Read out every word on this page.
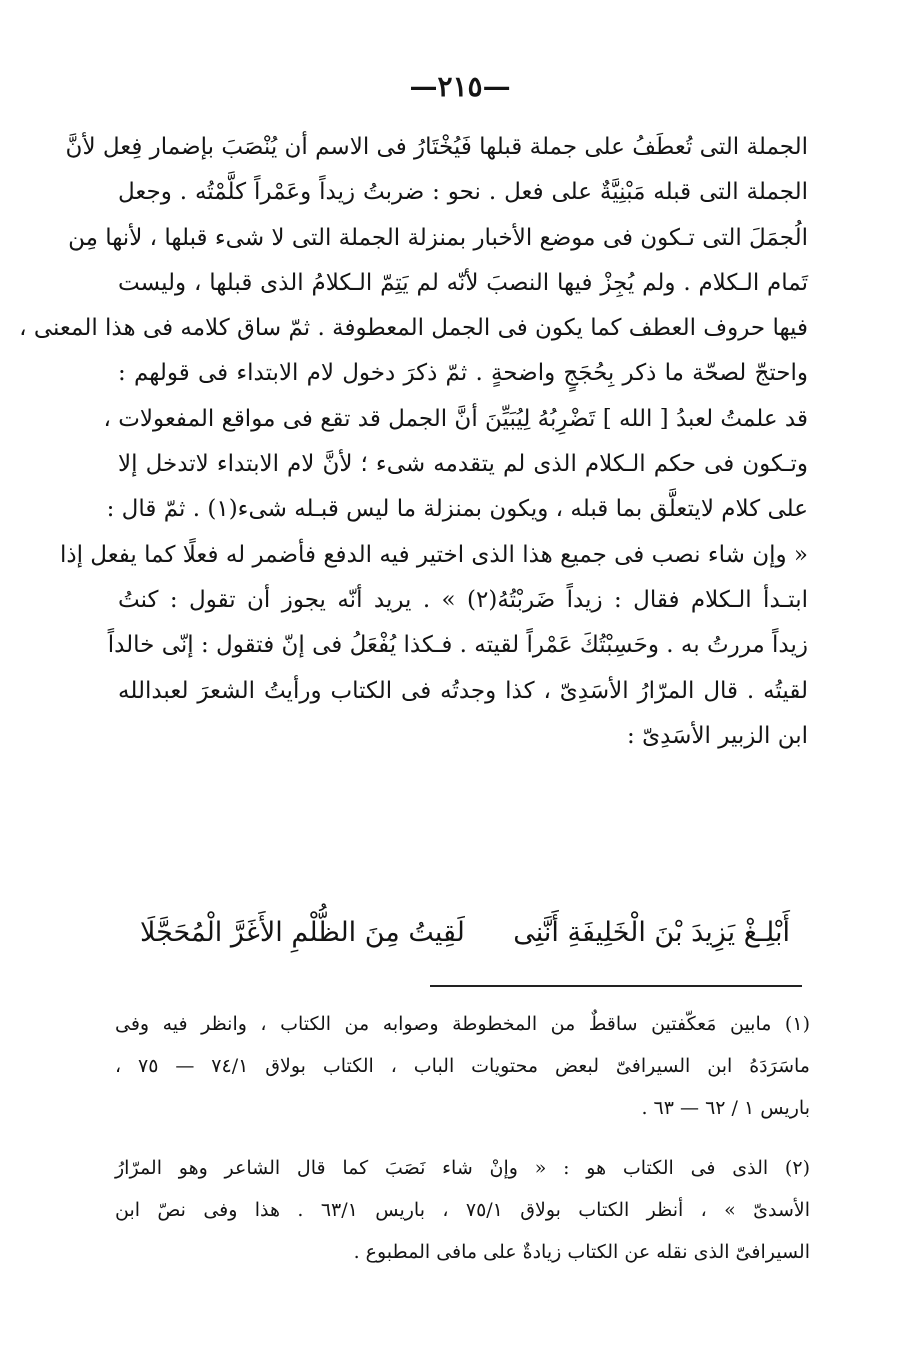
—٢١٥—
الجملة التى تُعطَفُ على جملة قبلها فَيُخْتَارُ فى الاسم أن يُنْصَبَ بإضمار فِعل لأنَّ
الجملة التى قبله مَبْنِيَّةٌ على فعل . نحو : ضربتُ زيداً وعَمْراً كلَّمْتُه . وجعل
الُجمَلَ التى تـكون فى موضع الأخبار بمنزلة الجملة التى لا شىء قبلها ، لأنها مِن
تَمام الـكلام . ولم يُجِزْ فيها النصبَ لأنّه لم يَتِمّ الـكلامُ الذى قبلها ، وليست
فيها حروف العطف كما يكون فى الجمل المعطوفة . ثمّ ساق كلامه فى هذا المعنى ،
واحتجّ لصحّة ما ذكر بِحُجَجٍ واضحةٍ . ثمّ ذكرَ دخول لام الابتداء فى قولهم :
قد علمتُ لعبدُ [ الله ] تَضْرِبُهُ لِيُبَيِّنَ أنَّ الجمل قد تقع فى مواقع المفعولات ،
وتـكون فى حكم الـكلام الذى لم يتقدمه شىء ؛ لأنَّ لام الابتداء لاتدخل إلا
على كلام لايتعلَّق بما قبله ، ويكون بمنزلة ما ليس قبـله شىء(١) . ثمّ قال :
« وإن شاء نصب فى جميع هذا الذى اختير فيه الدفع فأضمر له فعلًا كما يفعل إذا
ابتـدأ الـكلام فقال : زيداً ضَربْتُهُ(٢) » . يريد أنّه يجوز أن تقول : كنتُ
زيداً مررتُ به . وحَسِبْتُكَ عَمْراً لقيته . فـكذا يُفْعَلُ فى إنّ فتقول : إنّى خالداً
لقيتُه . قال المرّارُ الأسَدِىّ ، كذا وجدتُه فى الكتاب ورأيتُ الشعرَ لعبدالله
ابن الزبير الأسَدِىّ :
أَبْلِـغْ يَزِيدَ بْنَ الْخَلِيفَةِ أَنَّنِى
لَقِيتُ مِنَ الظُّلْمِ الأَغَرَّ الْمُحَجَّلَا
(١) مابين مَعكّفتين ساقطٌ من المخطوطة وصوابه من الكتاب ، وانظر فيه وفى
ماسَرَدَهُ ابن السيرافىّ لبعض محتويات الباب ، الكتاب بولاق ٧٤/١ — ٧٥ ،
باريس ١ / ٦٢ — ٦٣ .
(٢) الذى فى الكتاب هو : « وإنْ شاء نَصَبَ كما قال الشاعر وهو المرّارُ
الأسدىّ » ، أنظر الكتاب بولاق ٧٥/١ ، باريس ٦٣/١ . هذا وفى نصّ ابن
السيرافىّ الذى نقله عن الكتاب زيادةٌ على مافى المطبوع .
